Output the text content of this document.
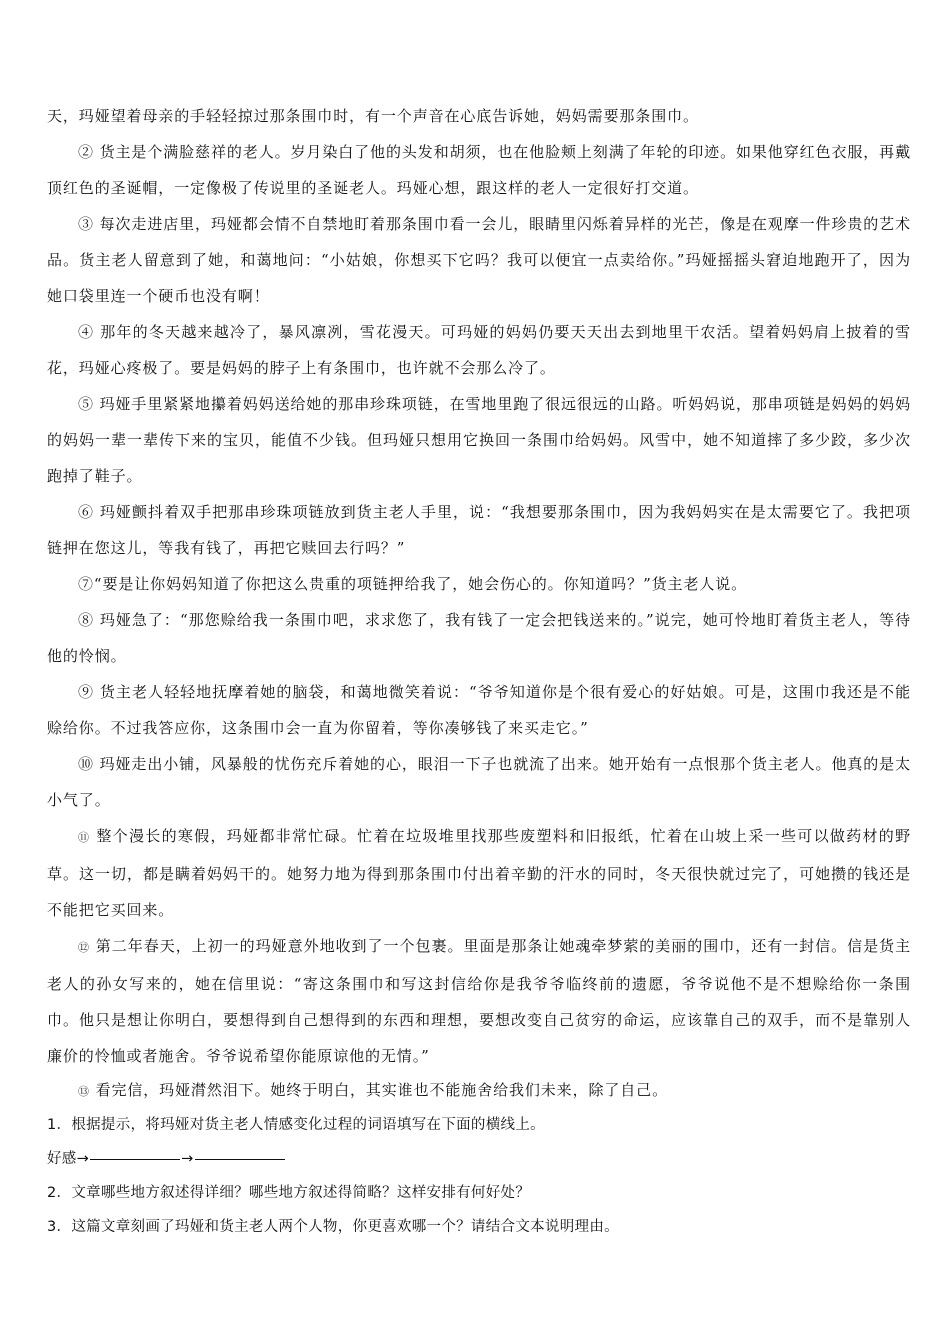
天，玛娅望着母亲的手轻轻掠过那条围巾时，有一个声音在心底告诉她，妈妈需要那条围巾。

② 货主是个满脸慈祥的老人。岁月染白了他的头发和胡须，也在他脸颊上刻满了年轮的印迹。如果他穿红色衣服，再戴顶红色的圣诞帽，一定像极了传说里的圣诞老人。玛娅心想，跟这样的老人一定很好打交道。

③ 每次走进店里，玛娅都会情不自禁地盯着那条围巾看一会儿，眼睛里闪烁着异样的光芒，像是在观摩一件珍贵的艺术品。货主老人留意到了她，和蔼地问：“小姑娘，你想买下它吗？我可以便宜一点卖给你。”玛娅摇摇头窘迫地跑开了，因为她口袋里连一个硬币也没有啊！

④ 那年的冬天越来越冷了，暴风凛冽，雪花漫天。可玛娅的妈妈仍要天天出去到地里干农活。望着妈妈肩上披着的雪花，玛娅心疼极了。要是妈妈的脖子上有条围巾，也许就不会那么冷了。

⑤ 玛娅手里紧紧地攥着妈妈送给她的那串珍珠项链，在雪地里跑了很远很远的山路。听妈妈说，那串项链是妈妈的妈妈的妈妈一辈一辈传下来的宝贝，能值不少钱。但玛娅只想用它换回一条围巾给妈妈。风雪中，她不知道摔了多少跤，多少次跑掉了鞋子。

⑥ 玛娅颤抖着双手把那串珍珠项链放到货主老人手里，说：“我想要那条围巾，因为我妈妈实在是太需要它了。我把项链押在您这儿，等我有钱了，再把它赎回去行吗？”

⑦“要是让你妈妈知道了你把这么贵重的项链押给我了，她会伤心的。你知道吗？”货主老人说。

⑧ 玛娅急了：“那您赊给我一条围巾吧，求求您了，我有钱了一定会把钱送来的。”说完，她可怜地盯着货主老人，等待他的怜悯。

⑨ 货主老人轻轻地抚摩着她的脑袋，和蔼地微笑着说：“爷爷知道你是个很有爱心的好姑娘。可是，这围巾我还是不能赊给你。不过我答应你，这条围巾会一直为你留着，等你凑够钱了来买走它。”

⑩ 玛娅走出小铺，风暴般的忧伤充斥着她的心，眼泪一下子也就流了出来。她开始有一点恨那个货主老人。他真的是太小气了。

⑪ 整个漫长的寒假，玛娅都非常忙碌。忙着在垃圾堆里找那些废塑料和旧报纸，忙着在山坡上采一些可以做药材的野草。这一切，都是瞒着妈妈干的。她努力地为得到那条围巾付出着辛勤的汗水的同时，冬天很快就过完了，可她攒的钱还是不能把它买回来。

⑫ 第二年春天，上初一的玛娅意外地收到了一个包裹。里面是那条让她魂牵梦萦的美丽的围巾，还有一封信。信是货主老人的孙女写来的，她在信里说：“寄这条围巾和写这封信给你是我爷爷临终前的遗愿，爷爷说他不是不想赊给你一条围巾。他只是想让你明白，要想得到自己想得到的东西和理想，要想改变自己贫穷的命运，应该靠自己的双手，而不是靠别人廉价的怜恤或者施舍。爷爷说希望你能原谅他的无情。”

⑬ 看完信，玛娅潸然泪下。她终于明白，其实谁也不能施舍给我们未来，除了自己。

1．根据提示，将玛娅对货主老人情感变化过程的词语填写在下面的横线上。

好感→	→

2．文章哪些地方叙述得详细？哪些地方叙述得简略？这样安排有何好处？

3．这篇文章刻画了玛娅和货主老人两个人物，你更喜欢哪一个？请结合文本说明理由。
